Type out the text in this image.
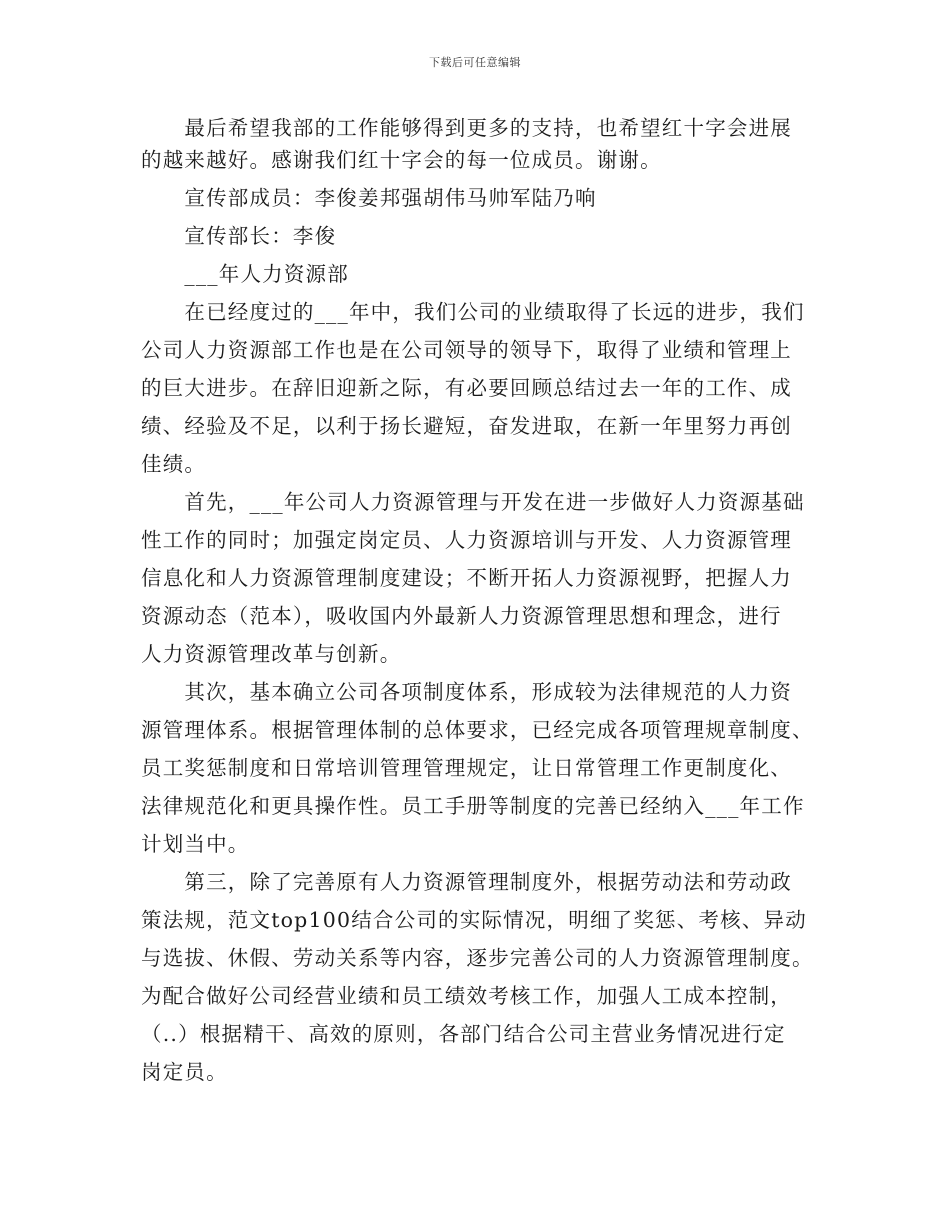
下载后可任意编辑
　　最后希望我部的工作能够得到更多的支持，也希望红十字会进展
的越来越好。感谢我们红十字会的每一位成员。谢谢。
　　宣传部成员：李俊姜邦强胡伟马帅军陆乃响
　　宣传部长：李俊
　　___年人力资源部
　　在已经度过的___年中，我们公司的业绩取得了长远的进步，我们
公司人力资源部工作也是在公司领导的领导下，取得了业绩和管理上
的巨大进步。在辞旧迎新之际，有必要回顾总结过去一年的工作、成
绩、经验及不足，以利于扬长避短，奋发进取，在新一年里努力再创
佳绩。
　　首先，___年公司人力资源管理与开发在进一步做好人力资源基础
性工作的同时；加强定岗定员、人力资源培训与开发、人力资源管理
信息化和人力资源管理制度建设；不断开拓人力资源视野，把握人力
资源动态（范本），吸收国内外最新人力资源管理思想和理念，进行
人力资源管理改革与创新。
　　其次，基本确立公司各项制度体系，形成较为法律规范的人力资
源管理体系。根据管理体制的总体要求，已经完成各项管理规章制度、
员工奖惩制度和日常培训管理管理规定，让日常管理工作更制度化、
法律规范化和更具操作性。员工手册等制度的完善已经纳入___年工作
计划当中。
　　第三，除了完善原有人力资源管理制度外，根据劳动法和劳动政
策法规，范文top100结合公司的实际情况，明细了奖惩、考核、异动
与选拔、休假、劳动关系等内容，逐步完善公司的人力资源管理制度。
为配合做好公司经营业绩和员工绩效考核工作，加强人工成本控制，
（..）根据精干、高效的原则，各部门结合公司主营业务情况进行定
岗定员。
